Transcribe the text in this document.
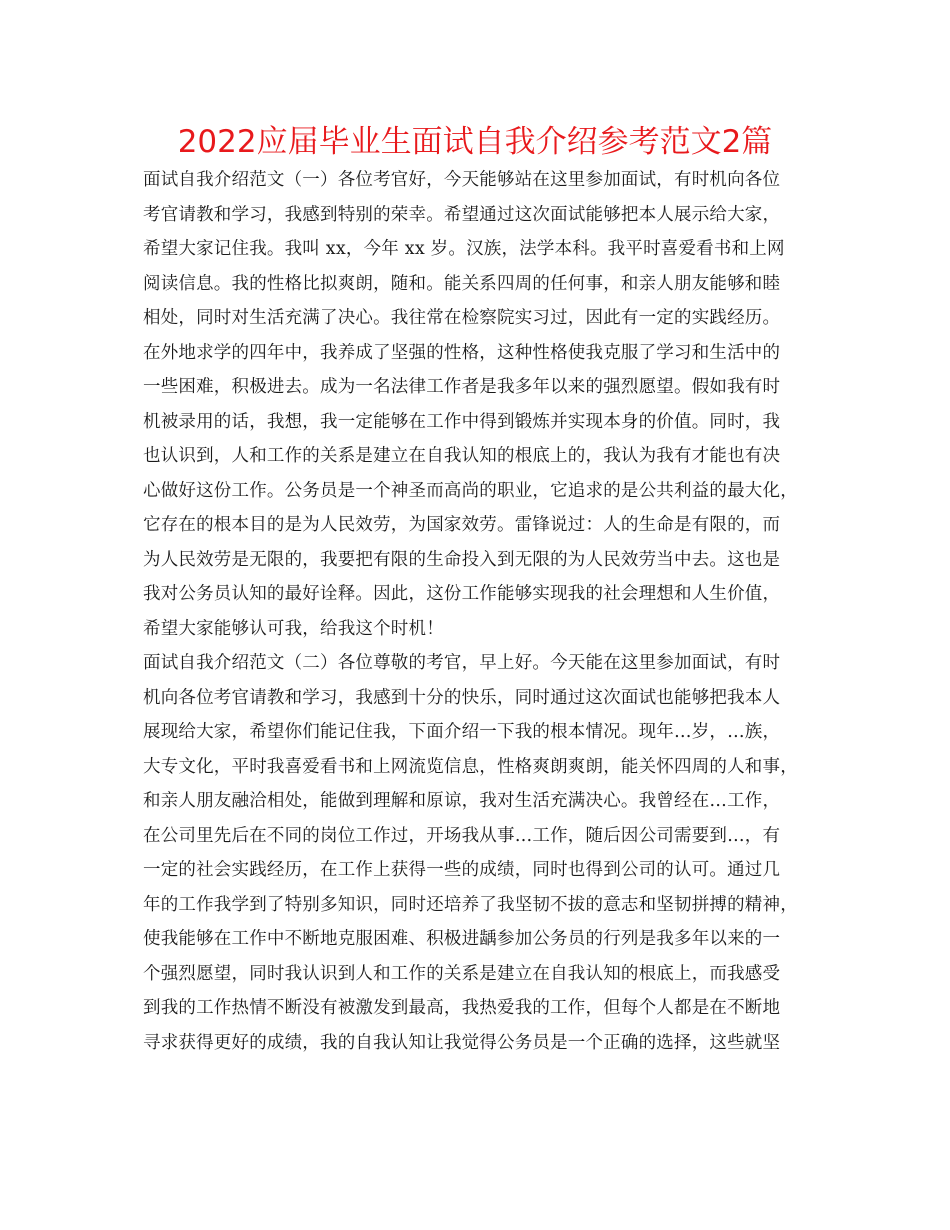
2022应届毕业生面试自我介绍参考范文2篇
面试自我介绍范文（一）各位考官好，今天能够站在这里参加面试，有时机向各位
考官请教和学习，我感到特别的荣幸。希望通过这次面试能够把本人展示给大家，
希望大家记住我。我叫 xx，今年 xx 岁。汉族，法学本科。我平时喜爱看书和上网
阅读信息。我的性格比拟爽朗，随和。能关系四周的任何事，和亲人朋友能够和睦
相处，同时对生活充满了决心。我往常在检察院实习过，因此有一定的实践经历。
在外地求学的四年中，我养成了坚强的性格，这种性格使我克服了学习和生活中的
一些困难，积极进去。成为一名法律工作者是我多年以来的强烈愿望。假如我有时
机被录用的话，我想，我一定能够在工作中得到锻炼并实现本身的价值。同时，我
也认识到，人和工作的关系是建立在自我认知的根底上的，我认为我有才能也有决
心做好这份工作。公务员是一个神圣而高尚的职业，它追求的是公共利益的最大化，
它存在的根本目的是为人民效劳，为国家效劳。雷锋说过：人的生命是有限的，而
为人民效劳是无限的，我要把有限的生命投入到无限的为人民效劳当中去。这也是
我对公务员认知的最好诠释。因此，这份工作能够实现我的社会理想和人生价值，
希望大家能够认可我，给我这个时机！
面试自我介绍范文（二）各位尊敬的考官，早上好。今天能在这里参加面试，有时
机向各位考官请教和学习，我感到十分的快乐，同时通过这次面试也能够把我本人
展现给大家，希望你们能记住我，下面介绍一下我的根本情况。现年…岁，…族，
大专文化，平时我喜爱看书和上网流览信息，性格爽朗爽朗，能关怀四周的人和事，
和亲人朋友融洽相处，能做到理解和原谅，我对生活充满决心。我曾经在…工作，
在公司里先后在不同的岗位工作过，开场我从事…工作，随后因公司需要到…，有
一定的社会实践经历，在工作上获得一些的成绩，同时也得到公司的认可。通过几
年的工作我学到了特别多知识，同时还培养了我坚韧不拔的意志和坚韧拼搏的精神，
使我能够在工作中不断地克服困难、积极进龋参加公务员的行列是我多年以来的一
个强烈愿望，同时我认识到人和工作的关系是建立在自我认知的根底上，而我感受
到我的工作热情不断没有被激发到最高，我热爱我的工作，但每个人都是在不断地
寻求获得更好的成绩，我的自我认知让我觉得公务员是一个正确的选择，这些就坚
